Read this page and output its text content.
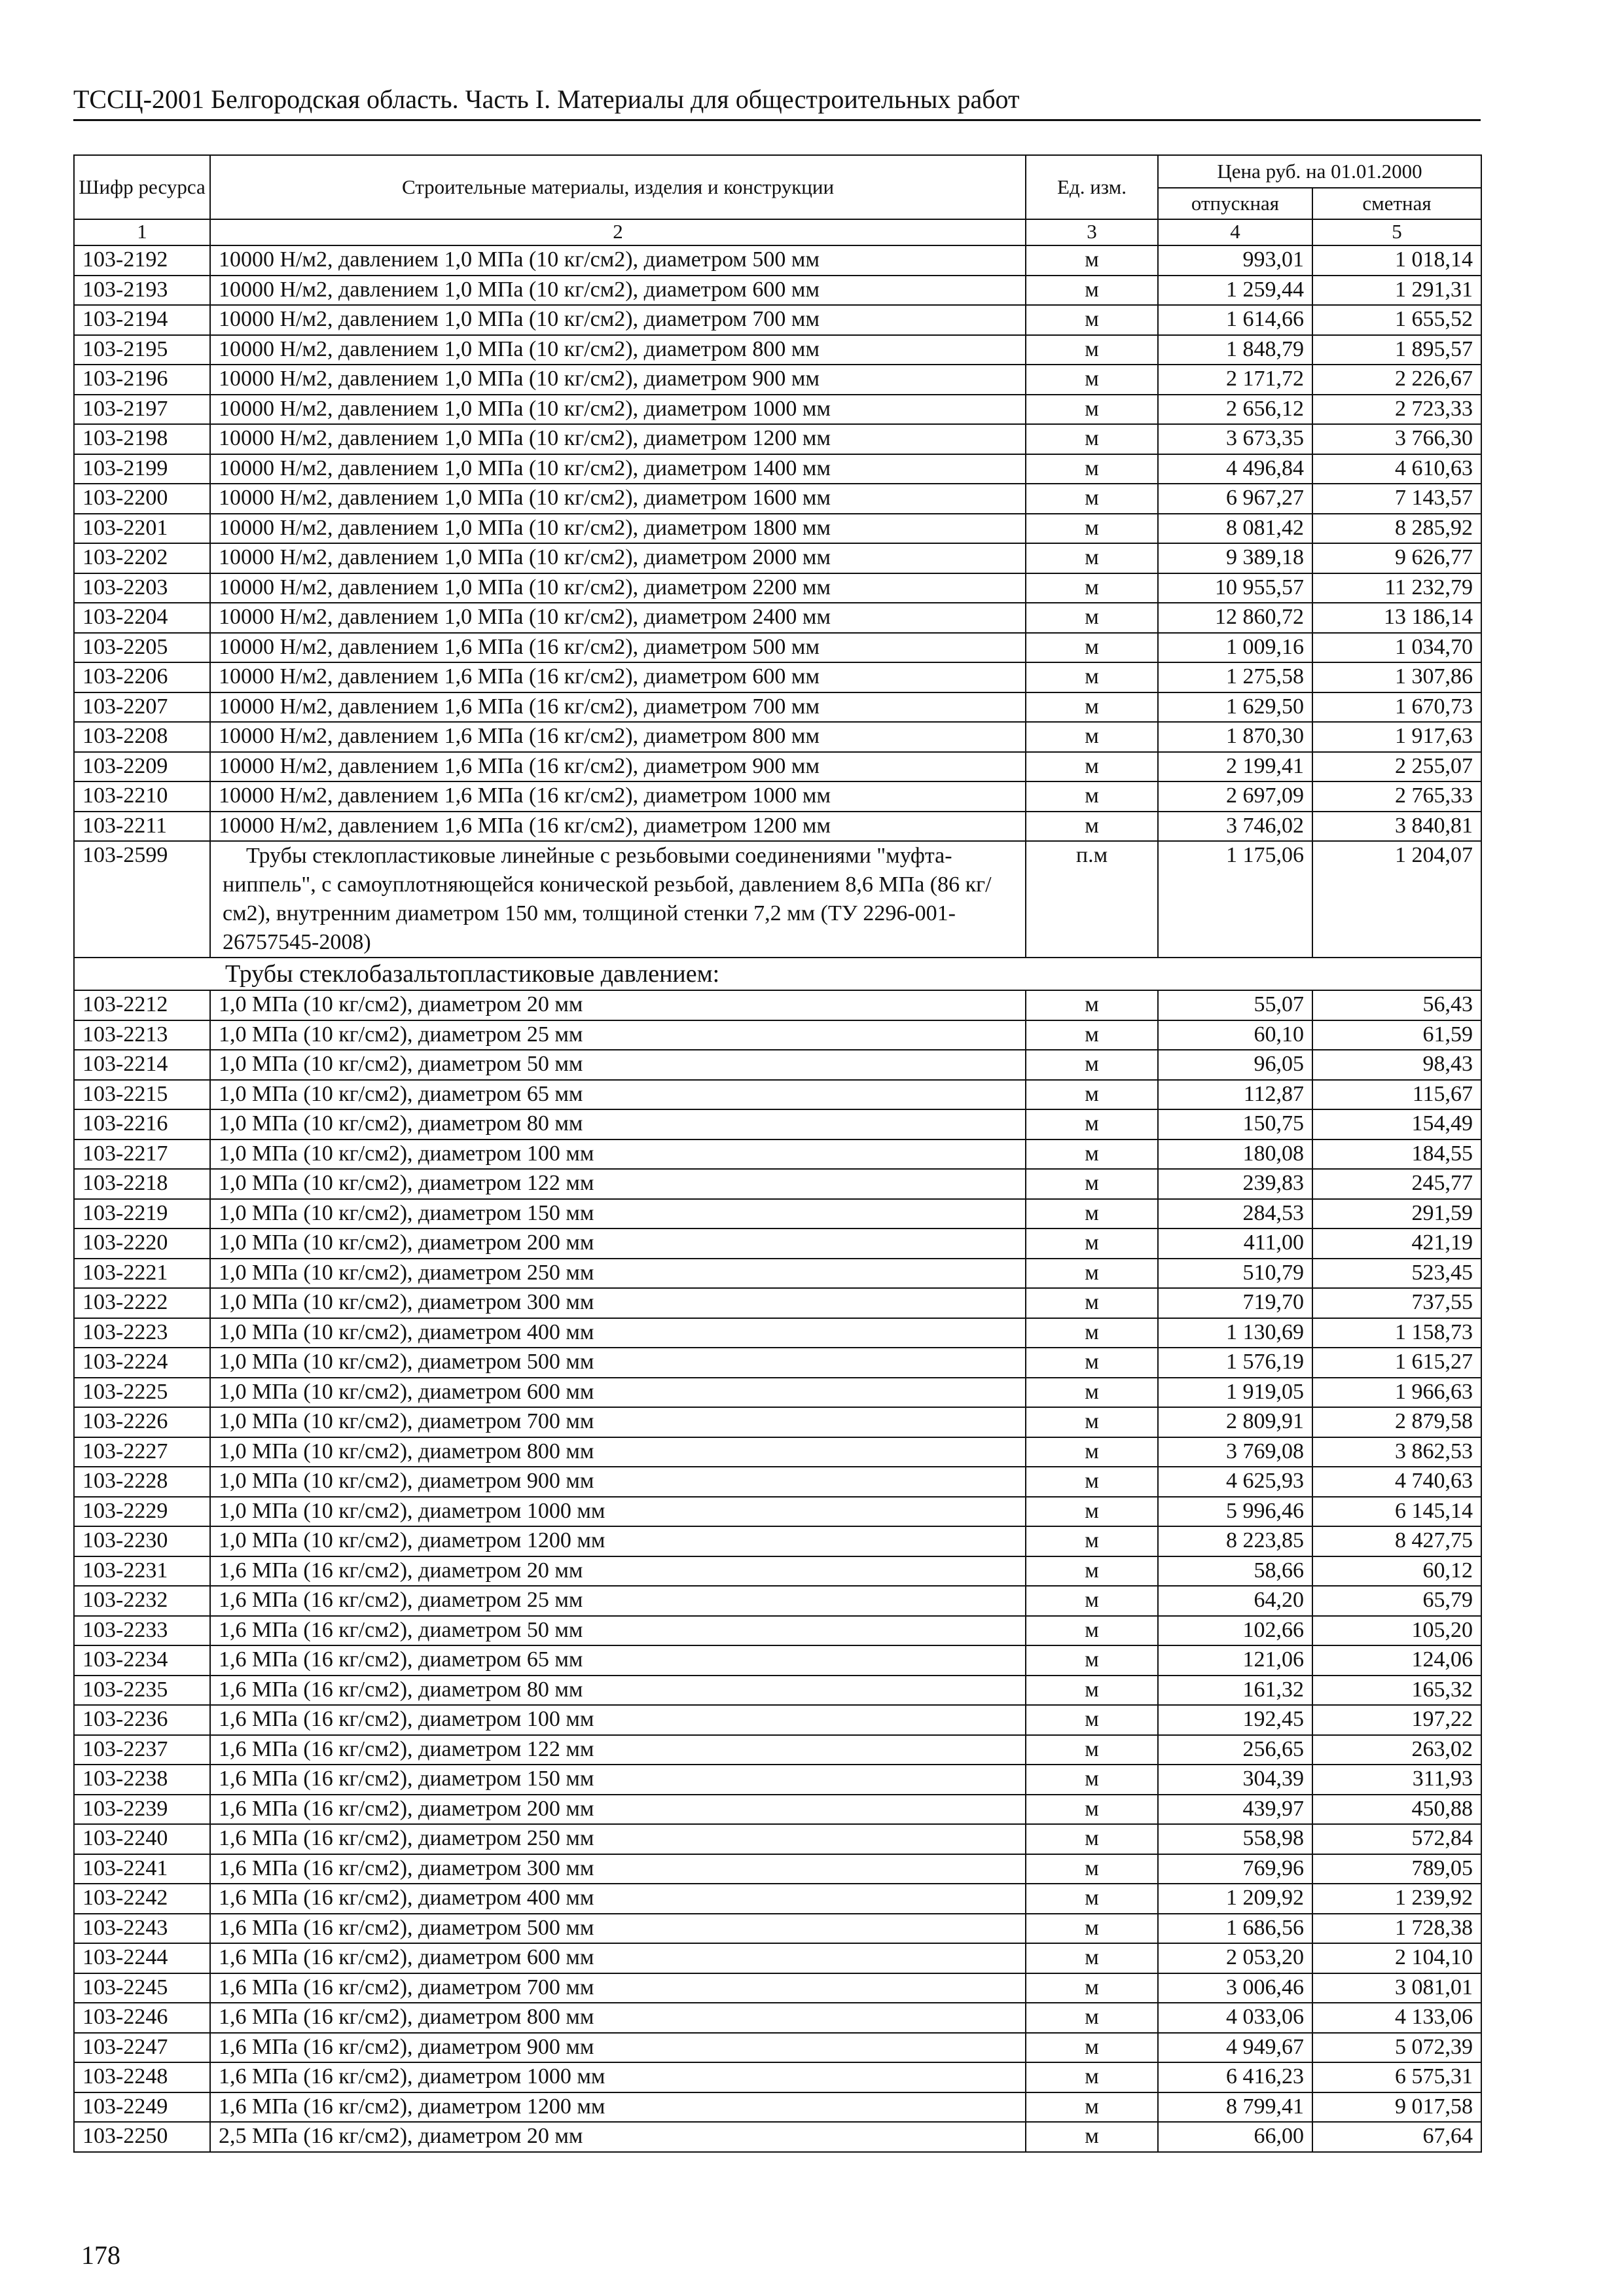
ТССЦ-2001 Белгородская область. Часть I. Материалы для общестроительных работ
Шифр ресурса	Строительные материалы, изделия и конструкции	Ед. изм.	Цена руб. на 01.01.2000	
			отпускная	сметная
1	2	3	4	5
103-2192	10000 Н/м2, давлением 1,0 МПа (10 кг/см2), диаметром 500 мм	м	993,01	1 018,14
103-2193	10000 Н/м2, давлением 1,0 МПа (10 кг/см2), диаметром 600 мм	м	1 259,44	1 291,31
103-2194	10000 Н/м2, давлением 1,0 МПа (10 кг/см2), диаметром 700 мм	м	1 614,66	1 655,52
103-2195	10000 Н/м2, давлением 1,0 МПа (10 кг/см2), диаметром 800 мм	м	1 848,79	1 895,57
103-2196	10000 Н/м2, давлением 1,0 МПа (10 кг/см2), диаметром 900 мм	м	2 171,72	2 226,67
103-2197	10000 Н/м2, давлением 1,0 МПа (10 кг/см2), диаметром 1000 мм	м	2 656,12	2 723,33
103-2198	10000 Н/м2, давлением 1,0 МПа (10 кг/см2), диаметром 1200 мм	м	3 673,35	3 766,30
103-2199	10000 Н/м2, давлением 1,0 МПа (10 кг/см2), диаметром 1400 мм	м	4 496,84	4 610,63
103-2200	10000 Н/м2, давлением 1,0 МПа (10 кг/см2), диаметром 1600 мм	м	6 967,27	7 143,57
103-2201	10000 Н/м2, давлением 1,0 МПа (10 кг/см2), диаметром 1800 мм	м	8 081,42	8 285,92
103-2202	10000 Н/м2, давлением 1,0 МПа (10 кг/см2), диаметром 2000 мм	м	9 389,18	9 626,77
103-2203	10000 Н/м2, давлением 1,0 МПа (10 кг/см2), диаметром 2200 мм	м	10 955,57	11 232,79
103-2204	10000 Н/м2, давлением 1,0 МПа (10 кг/см2), диаметром 2400 мм	м	12 860,72	13 186,14
103-2205	10000 Н/м2, давлением 1,6 МПа (16 кг/см2), диаметром 500 мм	м	1 009,16	1 034,70
103-2206	10000 Н/м2, давлением 1,6 МПа (16 кг/см2), диаметром 600 мм	м	1 275,58	1 307,86
103-2207	10000 Н/м2, давлением 1,6 МПа (16 кг/см2), диаметром 700 мм	м	1 629,50	1 670,73
103-2208	10000 Н/м2, давлением 1,6 МПа (16 кг/см2), диаметром 800 мм	м	1 870,30	1 917,63
103-2209	10000 Н/м2, давлением 1,6 МПа (16 кг/см2), диаметром 900 мм	м	2 199,41	2 255,07
103-2210	10000 Н/м2, давлением 1,6 МПа (16 кг/см2), диаметром 1000 мм	м	2 697,09	2 765,33
103-2211	10000 Н/м2, давлением 1,6 МПа (16 кг/см2), диаметром 1200 мм	м	3 746,02	3 840,81
103-2599	Трубы стеклопластиковые линейные с резьбовыми соединениями "муфта-ниппель", с самоуплотняющейся конической резьбой, давлением 8,6 МПа (86 кг/см2), внутренним диаметром 150 мм, толщиной стенки 7,2 мм (ТУ 2296-001-26757545-2008)	п.м	1 175,06	1 204,07
Трубы стеклобазальтопластиковые давлением:				
103-2212	1,0 МПа (10 кг/см2), диаметром 20 мм	м	55,07	56,43
103-2213	1,0 МПа (10 кг/см2), диаметром 25 мм	м	60,10	61,59
103-2214	1,0 МПа (10 кг/см2), диаметром 50 мм	м	96,05	98,43
103-2215	1,0 МПа (10 кг/см2), диаметром 65 мм	м	112,87	115,67
103-2216	1,0 МПа (10 кг/см2), диаметром 80 мм	м	150,75	154,49
103-2217	1,0 МПа (10 кг/см2), диаметром 100 мм	м	180,08	184,55
103-2218	1,0 МПа (10 кг/см2), диаметром 122 мм	м	239,83	245,77
103-2219	1,0 МПа (10 кг/см2), диаметром 150 мм	м	284,53	291,59
103-2220	1,0 МПа (10 кг/см2), диаметром 200 мм	м	411,00	421,19
103-2221	1,0 МПа (10 кг/см2), диаметром 250 мм	м	510,79	523,45
103-2222	1,0 МПа (10 кг/см2), диаметром 300 мм	м	719,70	737,55
103-2223	1,0 МПа (10 кг/см2), диаметром 400 мм	м	1 130,69	1 158,73
103-2224	1,0 МПа (10 кг/см2), диаметром 500 мм	м	1 576,19	1 615,27
103-2225	1,0 МПа (10 кг/см2), диаметром 600 мм	м	1 919,05	1 966,63
103-2226	1,0 МПа (10 кг/см2), диаметром 700 мм	м	2 809,91	2 879,58
103-2227	1,0 МПа (10 кг/см2), диаметром 800 мм	м	3 769,08	3 862,53
103-2228	1,0 МПа (10 кг/см2), диаметром 900 мм	м	4 625,93	4 740,63
103-2229	1,0 МПа (10 кг/см2), диаметром 1000 мм	м	5 996,46	6 145,14
103-2230	1,0 МПа (10 кг/см2), диаметром 1200 мм	м	8 223,85	8 427,75
103-2231	1,6 МПа (16 кг/см2), диаметром 20 мм	м	58,66	60,12
103-2232	1,6 МПа (16 кг/см2), диаметром 25 мм	м	64,20	65,79
103-2233	1,6 МПа (16 кг/см2), диаметром 50 мм	м	102,66	105,20
103-2234	1,6 МПа (16 кг/см2), диаметром 65 мм	м	121,06	124,06
103-2235	1,6 МПа (16 кг/см2), диаметром 80 мм	м	161,32	165,32
103-2236	1,6 МПа (16 кг/см2), диаметром 100 мм	м	192,45	197,22
103-2237	1,6 МПа (16 кг/см2), диаметром 122 мм	м	256,65	263,02
103-2238	1,6 МПа (16 кг/см2), диаметром 150 мм	м	304,39	311,93
103-2239	1,6 МПа (16 кг/см2), диаметром 200 мм	м	439,97	450,88
103-2240	1,6 МПа (16 кг/см2), диаметром 250 мм	м	558,98	572,84
103-2241	1,6 МПа (16 кг/см2), диаметром 300 мм	м	769,96	789,05
103-2242	1,6 МПа (16 кг/см2), диаметром 400 мм	м	1 209,92	1 239,92
103-2243	1,6 МПа (16 кг/см2), диаметром 500 мм	м	1 686,56	1 728,38
103-2244	1,6 МПа (16 кг/см2), диаметром 600 мм	м	2 053,20	2 104,10
103-2245	1,6 МПа (16 кг/см2), диаметром 700 мм	м	3 006,46	3 081,01
103-2246	1,6 МПа (16 кг/см2), диаметром 800 мм	м	4 033,06	4 133,06
103-2247	1,6 МПа (16 кг/см2), диаметром 900 мм	м	4 949,67	5 072,39
103-2248	1,6 МПа (16 кг/см2), диаметром 1000 мм	м	6 416,23	6 575,31
103-2249	1,6 МПа (16 кг/см2), диаметром 1200 мм	м	8 799,41	9 017,58
103-2250	2,5 МПа (16 кг/см2), диаметром 20 мм	м	66,00	67,64
178
